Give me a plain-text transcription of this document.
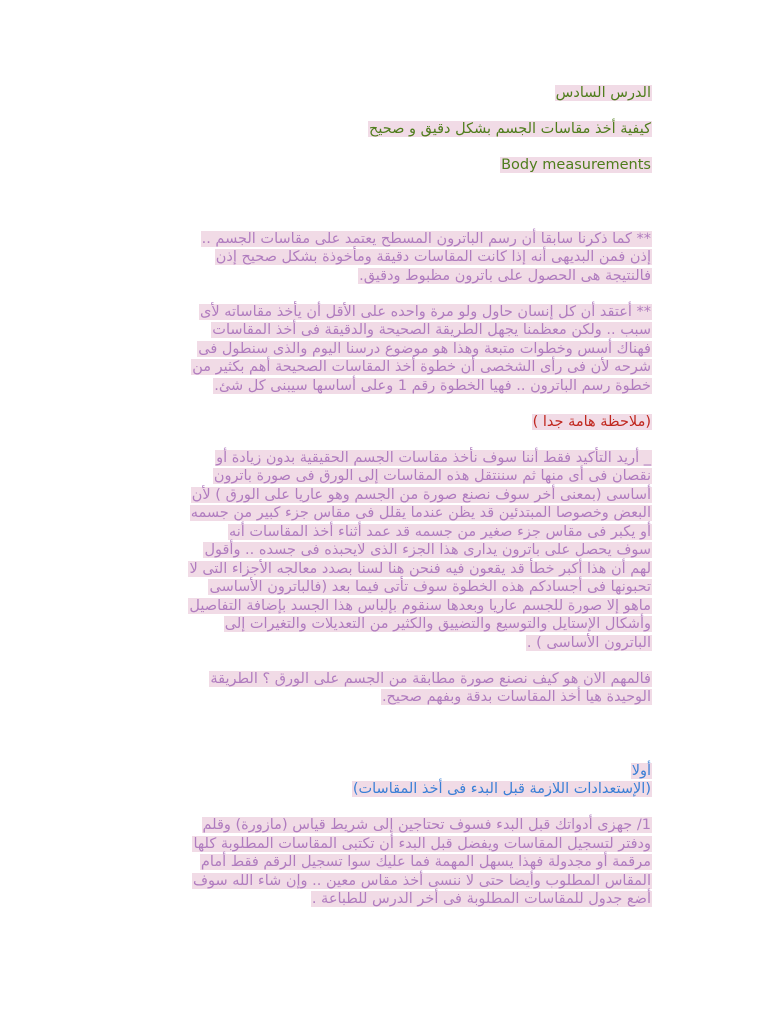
الدرس السادس
كيفية أخذ مقاسات الجسم بشكل دقيق و صحيح
Body measurements
** كما ذكرنا سابقا أن رسم الباترون المسطح يعتمد على مقاسات الجسم ..
إذن فمن البديهى أنه إذا كانت المقاسات دقيقة ومأخوذة بشكل صحيح إذن
فالنتيجة هى الحصول على باترون مظبوط ودقيق.
** أعتقد أن كل إنسان حاول ولو مرة واحده على الأقل أن يأخذ مقاساته لأى
سبب .. ولكن معظمنا يجهل الطريقة الصحيحة والدقيقة فى أخذ المقاسات
فهناك أسس وخطوات متبعة وهذا هو موضوع درسنا اليوم والذى سنطول فى
شرحه لأن فى رأى الشخصى أن خطوة أخذ المقاسات الصحيحة أهم بكثير من
خطوة رسم الباترون .. فهيا الخطوة رقم 1 وعلى أساسها سيبنى كل شئ.
(ملاحظة هامة جدا )
_ أريد التأكيد فقط أننا سوف نأخذ مقاسات الجسم الحقيقية بدون زيادة أو
نقصان فى أى منها ثم سننتقل هذه المقاسات إلى الورق فى صورة باترون
أساسى (بمعنى أخر سوف نصنع صورة من الجسم وهو عاريا على الورق ) لأن
البعض وخصوصا المبتدئين قد يظن عندما يقلل فى مقاس جزء كبير من جسمه
أو يكبر فى مقاس جزء صغير من جسمه قد عمد أثناء أخذ المقاسات أنه
سوف يحصل على باترون يدارى هذا الجزء الذى لايحبذه فى جسده .. وأقول
لهم أن هذا أكبر خطأ قد يقعون فيه فنحن هنا لسنا بصدد معالجه الأجزاء التى لا
تحبونها فى أجسادكم هذه الخطوة سوف تأتى فيما بعد (فالباترون الأساسى
ماهو إلا صورة للجسم عاريا وبعدها سنقوم بإلباس هذا الجسد بإضافة التفاصيل
وأشكال الإستايل والتوسيع والتضييق والكثير من التعديلات والتغيرات إلى
الباترون الأساسى ) .
فالمهم الان هو كيف نصنع صورة مطابقة من الجسم على الورق ؟ الطريقة
الوحيدة هيا أخذ المقاسات بدقة وبفهم صحيح.
أولا
(الإستعدادات اللازمة قبل البدء فى أخذ المقاسات)
1/ جهزى أدواتك قبل البدء فسوف تحتاجين إلى شريط قياس (مازورة) وقلم
ودفتر لتسجيل المقاسات ويفضل قبل البدء أن تكتبى المقاسات المطلوبة كلها
مرقمة أو مجدولة فهذا يسهل المهمة فما عليك سوا تسجيل الرقم فقط أمام
المقاس المطلوب وأيضا حتى لا ننسى أخذ مقاس معين .. وإن شاء الله سوف
أضع جدول للمقاسات المطلوبة فى أخر الدرس للطباعة .
